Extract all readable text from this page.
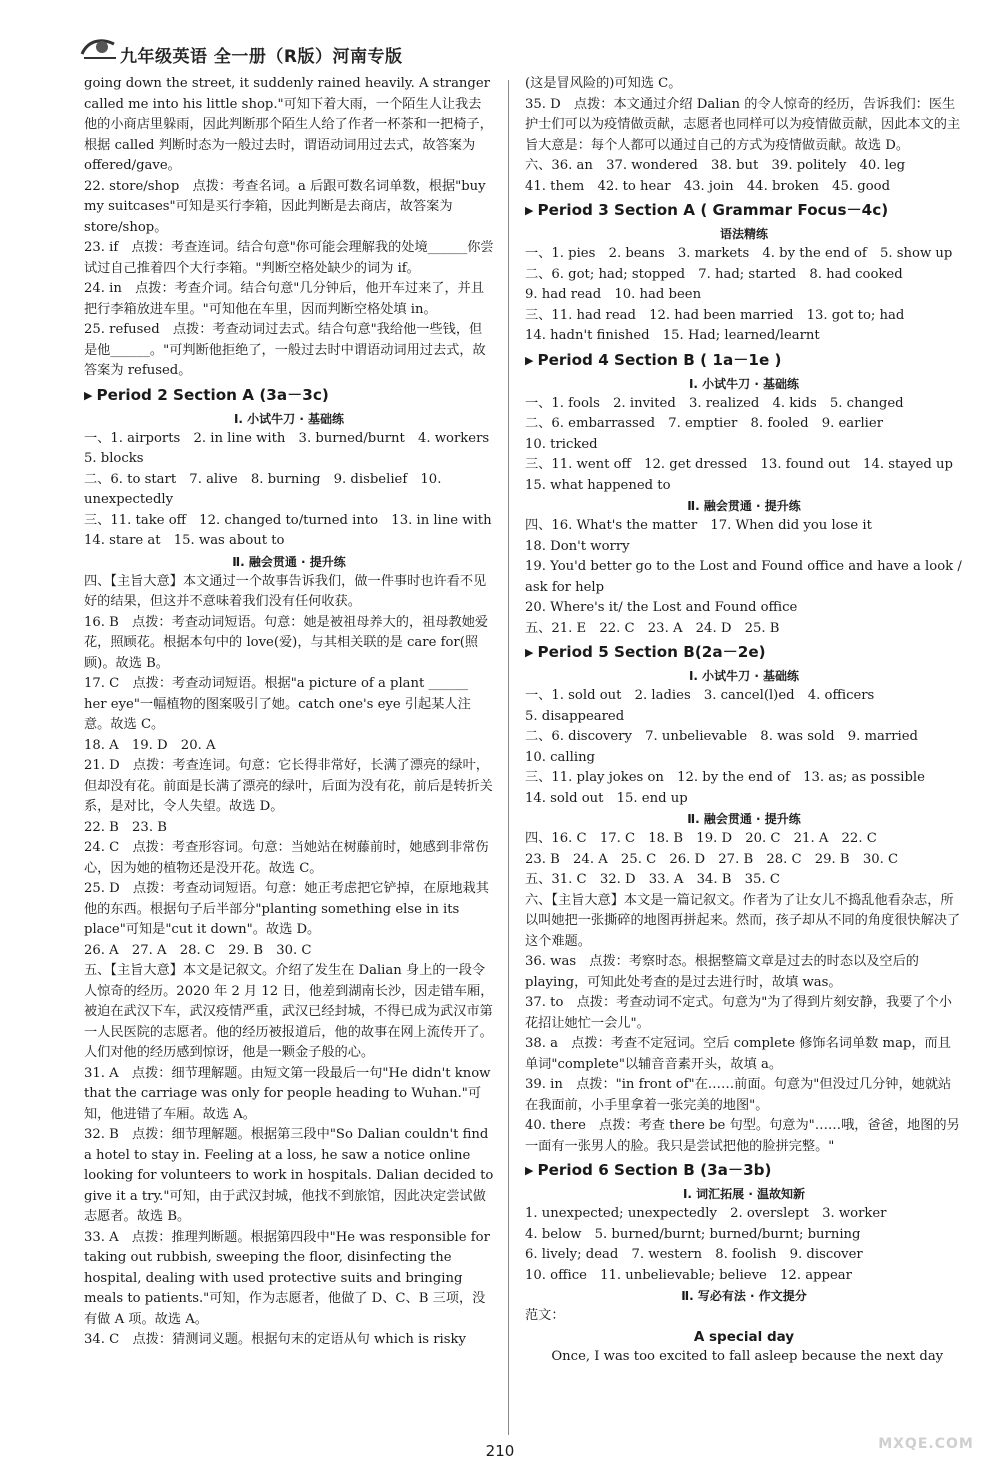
九年级英语 全一册（R版）河南专版

going down the street, it suddenly rained heavily. A stranger called me into his little shop."可知下着大雨，一个陌生人让我去他的小商店里躲雨，因此判断那个陌生人给了作者一杯茶和一把椅子，根据 called 判断时态为一般过去时，谓语动词用过去式，故答案为 offered/gave。

22. store/shop　点拨：考查名词。a 后跟可数名词单数，根据"buy my suitcases"可知是买行李箱，因此判断是去商店，故答案为 store/shop。

23. if　点拨：考查连词。结合句意"你可能会理解我的处境______你尝试过自己推着四个大行李箱。"判断空格处缺少的词为 if。

24. in　点拨：考查介词。结合句意"几分钟后，他开车过来了，并且把行李箱放进车里。"可知他在车里，因而判断空格处填 in。

25. refused　点拨：考查动词过去式。结合句意"我给他一些钱，但是他______。"可判断他拒绝了，一般过去时中谓语动词用过去式，故答案为 refused。

▶ Period 2 Section A (3a－3c)
Ⅰ. 小试牛刀 · 基础练

一、1. airports　2. in line with　3. burned/burnt　4. workers　5. blocks

二、6. to start　7. alive　8. burning　9. disbelief　10. unexpectedly

三、11. take off　12. changed to/turned into　13. in line with　14. stare at　15. was about to

Ⅱ. 融会贯通 · 提升练

四、【主旨大意】本文通过一个故事告诉我们，做一件事时也许看不见好的结果，但这并不意味着我们没有任何收获。

16. B　点拨：考查动词短语。句意：她是被祖母养大的，祖母教她爱花，照顾花。根据本句中的 love(爱)，与其相关联的是 care for(照顾)。故选 B。

17. C　点拨：考查动词短语。根据"a picture of a plant ______ her eye"一幅植物的图案吸引了她。catch one's eye 引起某人注意。故选 C。

18. A　19. D　20. A

21. D　点拨：考查连词。句意：它长得非常好，长满了漂亮的绿叶，但却没有花。前面是长满了漂亮的绿叶，后面为没有花，前后是转折关系，是对比，令人失望。故选 D。

22. B　23. B

24. C　点拨：考查形容词。句意：当她站在树藤前时，她感到非常伤心，因为她的植物还是没开花。故选 C。

25. D　点拨：考查动词短语。句意：她正考虑把它铲掉，在原地栽其他的东西。根据句子后半部分"planting something else in its place"可知是"cut it down"。故选 D。

26. A　27. A　28. C　29. B　30. C

五、【主旨大意】本文是记叙文。介绍了发生在 Dalian 身上的一段令人惊奇的经历。2020 年 2 月 12 日，他差到湖南长沙，因走错车厢，被迫在武汉下车，武汉疫情严重，武汉已经封城，不得已成为武汉市第一人民医院的志愿者。他的经历被报道后，他的故事在网上流传开了。人们对他的经历感到惊讶，他是一颗金子般的心。

31. A　点拨：细节理解题。由短文第一段最后一句"He didn't know that the carriage was only for people heading to Wuhan."可知，他进错了车厢。故选 A。

32. B　点拨：细节理解题。根据第三段中"So Dalian couldn't find a hotel to stay in. Feeling at a loss, he saw a notice online looking for volunteers to work in hospitals. Dalian decided to give it a try."可知，由于武汉封城，他找不到旅馆，因此决定尝试做志愿者。故选 B。

33. A　点拨：推理判断题。根据第四段中"He was responsible for taking out rubbish, sweeping the floor, disinfecting the hospital, dealing with used protective suits and bringing meals to patients."可知，作为志愿者，他做了 D、C、B 三项，没有做 A 项。故选 A。

34. C　点拨：猜测词义题。根据句末的定语从句 which is risky

(这是冒风险的)可知选 C。

35. D　点拨：本文通过介绍 Dalian 的令人惊奇的经历，告诉我们：医生护士们可以为疫情做贡献，志愿者也同样可以为疫情做贡献，因此本文的主旨大意是：每个人都可以通过自己的方式为疫情做贡献。故选 D。

六、36. an　37. wondered　38. but　39. politely　40. leg

41. them　42. to hear　43. join　44. broken　45. good

▶ Period 3 Section A ( Grammar Focus－4c)
语法精练

一、1. pies　2. beans　3. markets　4. by the end of　5. show up

二、6. got; had; stopped　7. had; started　8. had cooked

9. had read　10. had been

三、11. had read　12. had been married　13. got to; had

14. hadn't finished　15. Had; learned/learnt

▶ Period 4 Section B ( 1a－1e )
Ⅰ. 小试牛刀 · 基础练

一、1. fools　2. invited　3. realized　4. kids　5. changed

二、6. embarrassed　7. emptier　8. fooled　9. earlier

10. tricked

三、11. went off　12. get dressed　13. found out　14. stayed up

15. what happened to

Ⅱ. 融会贯通 · 提升练

四、16. What's the matter　17. When did you lose it

18. Don't worry

19. You'd better go to the Lost and Found office and have a look / ask for help

20. Where's it/ the Lost and Found office

五、21. E　22. C　23. A　24. D　25. B

▶ Period 5 Section B(2a－2e)
Ⅰ. 小试牛刀 · 基础练

一、1. sold out　2. ladies　3. cancel(l)ed　4. officers

5. disappeared

二、6. discovery　7. unbelievable　8. was sold　9. married

10. calling

三、11. play jokes on　12. by the end of　13. as; as possible

14. sold out　15. end up

Ⅱ. 融会贯通 · 提升练

四、16. C　17. C　18. B　19. D　20. C　21. A　22. C

23. B　24. A　25. C　26. D　27. B　28. C　29. B　30. C

五、31. C　32. D　33. A　34. B　35. C

六、【主旨大意】本文是一篇记叙文。作者为了让女儿不捣乱他看杂志，所以叫她把一张撕碎的地图再拼起来。然而，孩子却从不同的角度很快解决了这个难题。

36. was　点拨：考察时态。根据整篇文章是过去的时态以及空后的 playing，可知此处考查的是过去进行时，故填 was。

37. to　点拨：考查动词不定式。句意为"为了得到片刻安静，我要了个小花招让她忙一会儿"。

38. a　点拨：考查不定冠词。空后 complete 修饰名词单数 map，而且单词"complete"以辅音音素开头，故填 a。

39. in　点拨："in front of"在……前面。句意为"但没过几分钟，她就站在我面前，小手里拿着一张完美的地图"。

40. there　点拨：考查 there be 句型。句意为"……哦，爸爸，地图的另一面有一张男人的脸。我只是尝试把他的脸拼完整。"

▶ Period 6 Section B (3a－3b)
Ⅰ. 词汇拓展 · 温故知新

1. unexpected; unexpectedly　2. overslept　3. worker

4. below　5. burned/burnt; burned/burnt; burning

6. lively; dead　7. western　8. foolish　9. discover

10. office　11. unbelievable; believe　12. appear

Ⅱ. 写必有法 · 作文提分

范文：

A special day

　　Once, I was too excited to fall asleep because the next day

210	MXQE.COM
